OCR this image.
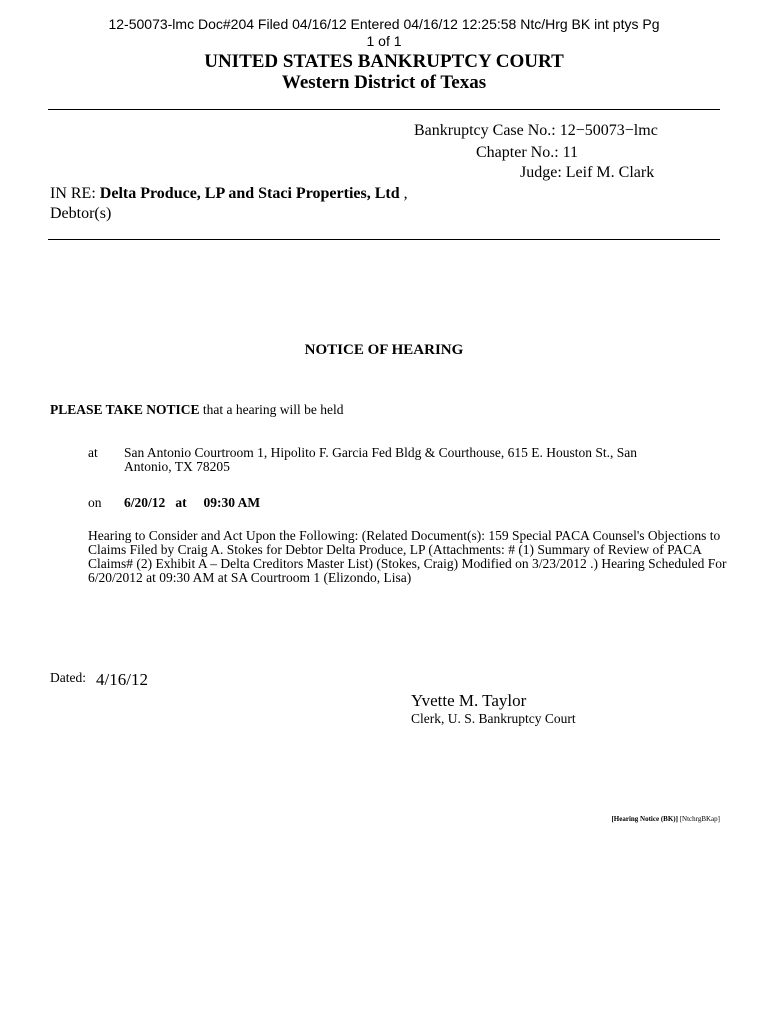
12-50073-lmc Doc#204 Filed 04/16/12 Entered 04/16/12 12:25:58 Ntc/Hrg BK int ptys Pg
1 of 1
UNITED STATES BANKRUPTCY COURT
Western District of Texas
Bankruptcy Case No.: 12−50073−lmc
Chapter No.: 11
Judge: Leif M. Clark
IN RE: Delta Produce, LP and Staci Properties, Ltd , Debtor(s)
NOTICE OF HEARING
PLEASE TAKE NOTICE that a hearing will be held
at San Antonio Courtroom 1, Hipolito F. Garcia Fed Bldg & Courthouse, 615 E. Houston St., San Antonio, TX 78205
on 6/20/12   at     09:30 AM
Hearing to Consider and Act Upon the Following: (Related Document(s): 159 Special PACA Counsel's Objections to Claims Filed by Craig A. Stokes for Debtor Delta Produce, LP (Attachments: # (1) Summary of Review of PACA Claims# (2) Exhibit A – Delta Creditors Master List) (Stokes, Craig) Modified on 3/23/2012 .) Hearing Scheduled For 6/20/2012 at 09:30 AM at SA Courtroom 1 (Elizondo, Lisa)
Dated: 4/16/12
Yvette M. Taylor
Clerk, U. S. Bankruptcy Court
[Hearing Notice (BK)] [NtchrgBKap]
